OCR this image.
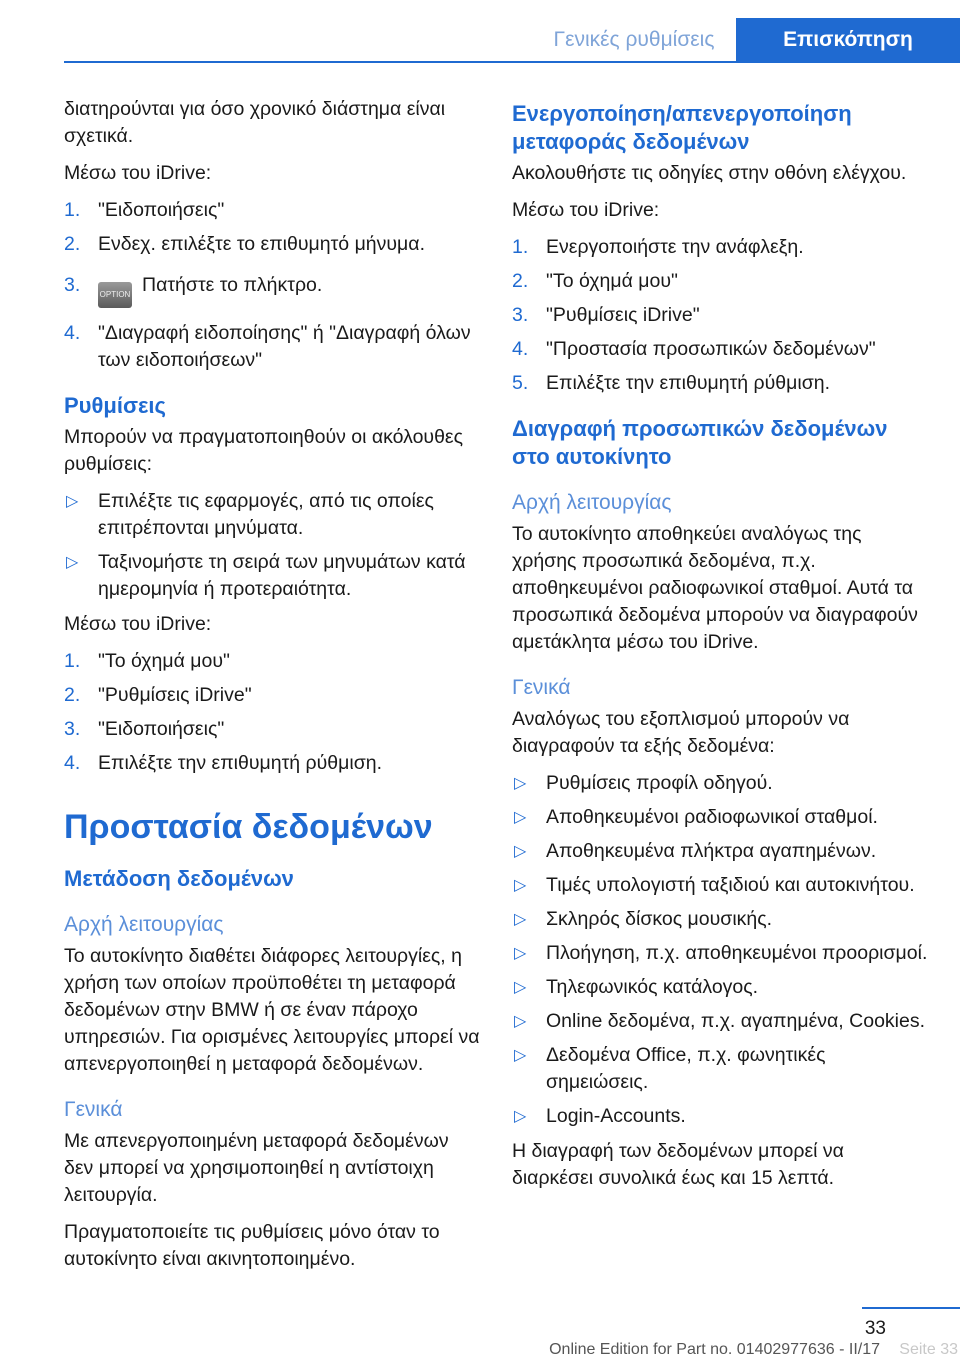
Γενικές ρυθμίσεις	Επισκόπηση

διατηρούνται για όσο χρονικό διάστημα είναι σχετικά.

Μέσω του iDrive:

1. "Ειδοποιήσεις"
2. Ενδεχ. επιλέξτε το επιθυμητό μήνυμα.
3. OPTION Πατήστε το πλήκτρο.
4. "Διαγραφή ειδοποίησης" ή "Διαγραφή όλων των ειδοποιήσεων"
Ρυθμίσεις

Μπορούν να πραγματοποιηθούν οι ακόλουθες ρυθμίσεις:

▷ Επιλέξτε τις εφαρμογές, από τις οποίες επιτρέπονται μηνύματα.
▷ Ταξινομήστε τη σειρά των μηνυμάτων κατά ημερομηνία ή προτεραιότητα.

Μέσω του iDrive:

1. "Το όχημά μου"
2. "Ρυθμίσεις iDrive"
3. "Ειδοποιήσεις"
4. Επιλέξτε την επιθυμητή ρύθμιση.
Προστασία δεδομένων
Μετάδοση δεδομένων
Αρχή λειτουργίας

Το αυτοκίνητο διαθέτει διάφορες λειτουργίες, η χρήση των οποίων προϋποθέτει τη μεταφορά δεδομένων στην BMW ή σε έναν πάροχο υπηρεσιών. Για ορισμένες λειτουργίες μπορεί να απενεργοποιηθεί η μεταφορά δεδομένων.

Γενικά

Με απενεργοποιημένη μεταφορά δεδομένων δεν μπορεί να χρησιμοποιηθεί η αντίστοιχη λειτουργία.

Πραγματοποιείτε τις ρυθμίσεις μόνο όταν το αυτοκίνητο είναι ακινητοποιημένο.

Ενεργοποίηση/απενεργοποίηση μεταφοράς δεδομένων

Ακολουθήστε τις οδηγίες στην οθόνη ελέγχου.

Μέσω του iDrive:

1. Ενεργοποιήστε την ανάφλεξη.
2. "Το όχημά μου"
3. "Ρυθμίσεις iDrive"
4. "Προστασία προσωπικών δεδομένων"
5. Επιλέξτε την επιθυμητή ρύθμιση.
Διαγραφή προσωπικών δεδομένων στο αυτοκίνητο
Αρχή λειτουργίας

Το αυτοκίνητο αποθηκεύει αναλόγως της χρήσης προσωπικά δεδομένα, π.χ. αποθηκευμένοι ραδιοφωνικοί σταθμοί. Αυτά τα προσωπικά δεδομένα μπορούν να διαγραφούν αμετάκλητα μέσω του iDrive.

Γενικά

Αναλόγως του εξοπλισμού μπορούν να διαγραφούν τα εξής δεδομένα:

▷ Ρυθμίσεις προφίλ οδηγού.
▷ Αποθηκευμένοι ραδιοφωνικοί σταθμοί.
▷ Αποθηκευμένα πλήκτρα αγαπημένων.
▷ Τιμές υπολογιστή ταξιδιού και αυτοκινήτου.
▷ Σκληρός δίσκος μουσικής.
▷ Πλοήγηση, π.χ. αποθηκευμένοι προορισμοί.
▷ Τηλεφωνικός κατάλογος.
▷ Online δεδομένα, π.χ. αγαπημένα, Cookies.
▷ Δεδομένα Office, π.χ. φωνητικές σημειώσεις.
▷ Login-Accounts.

Η διαγραφή των δεδομένων μπορεί να διαρκέσει συνολικά έως και 15 λεπτά.

33
Seite 33
Online Edition for Part no. 01402977636 - II/17
